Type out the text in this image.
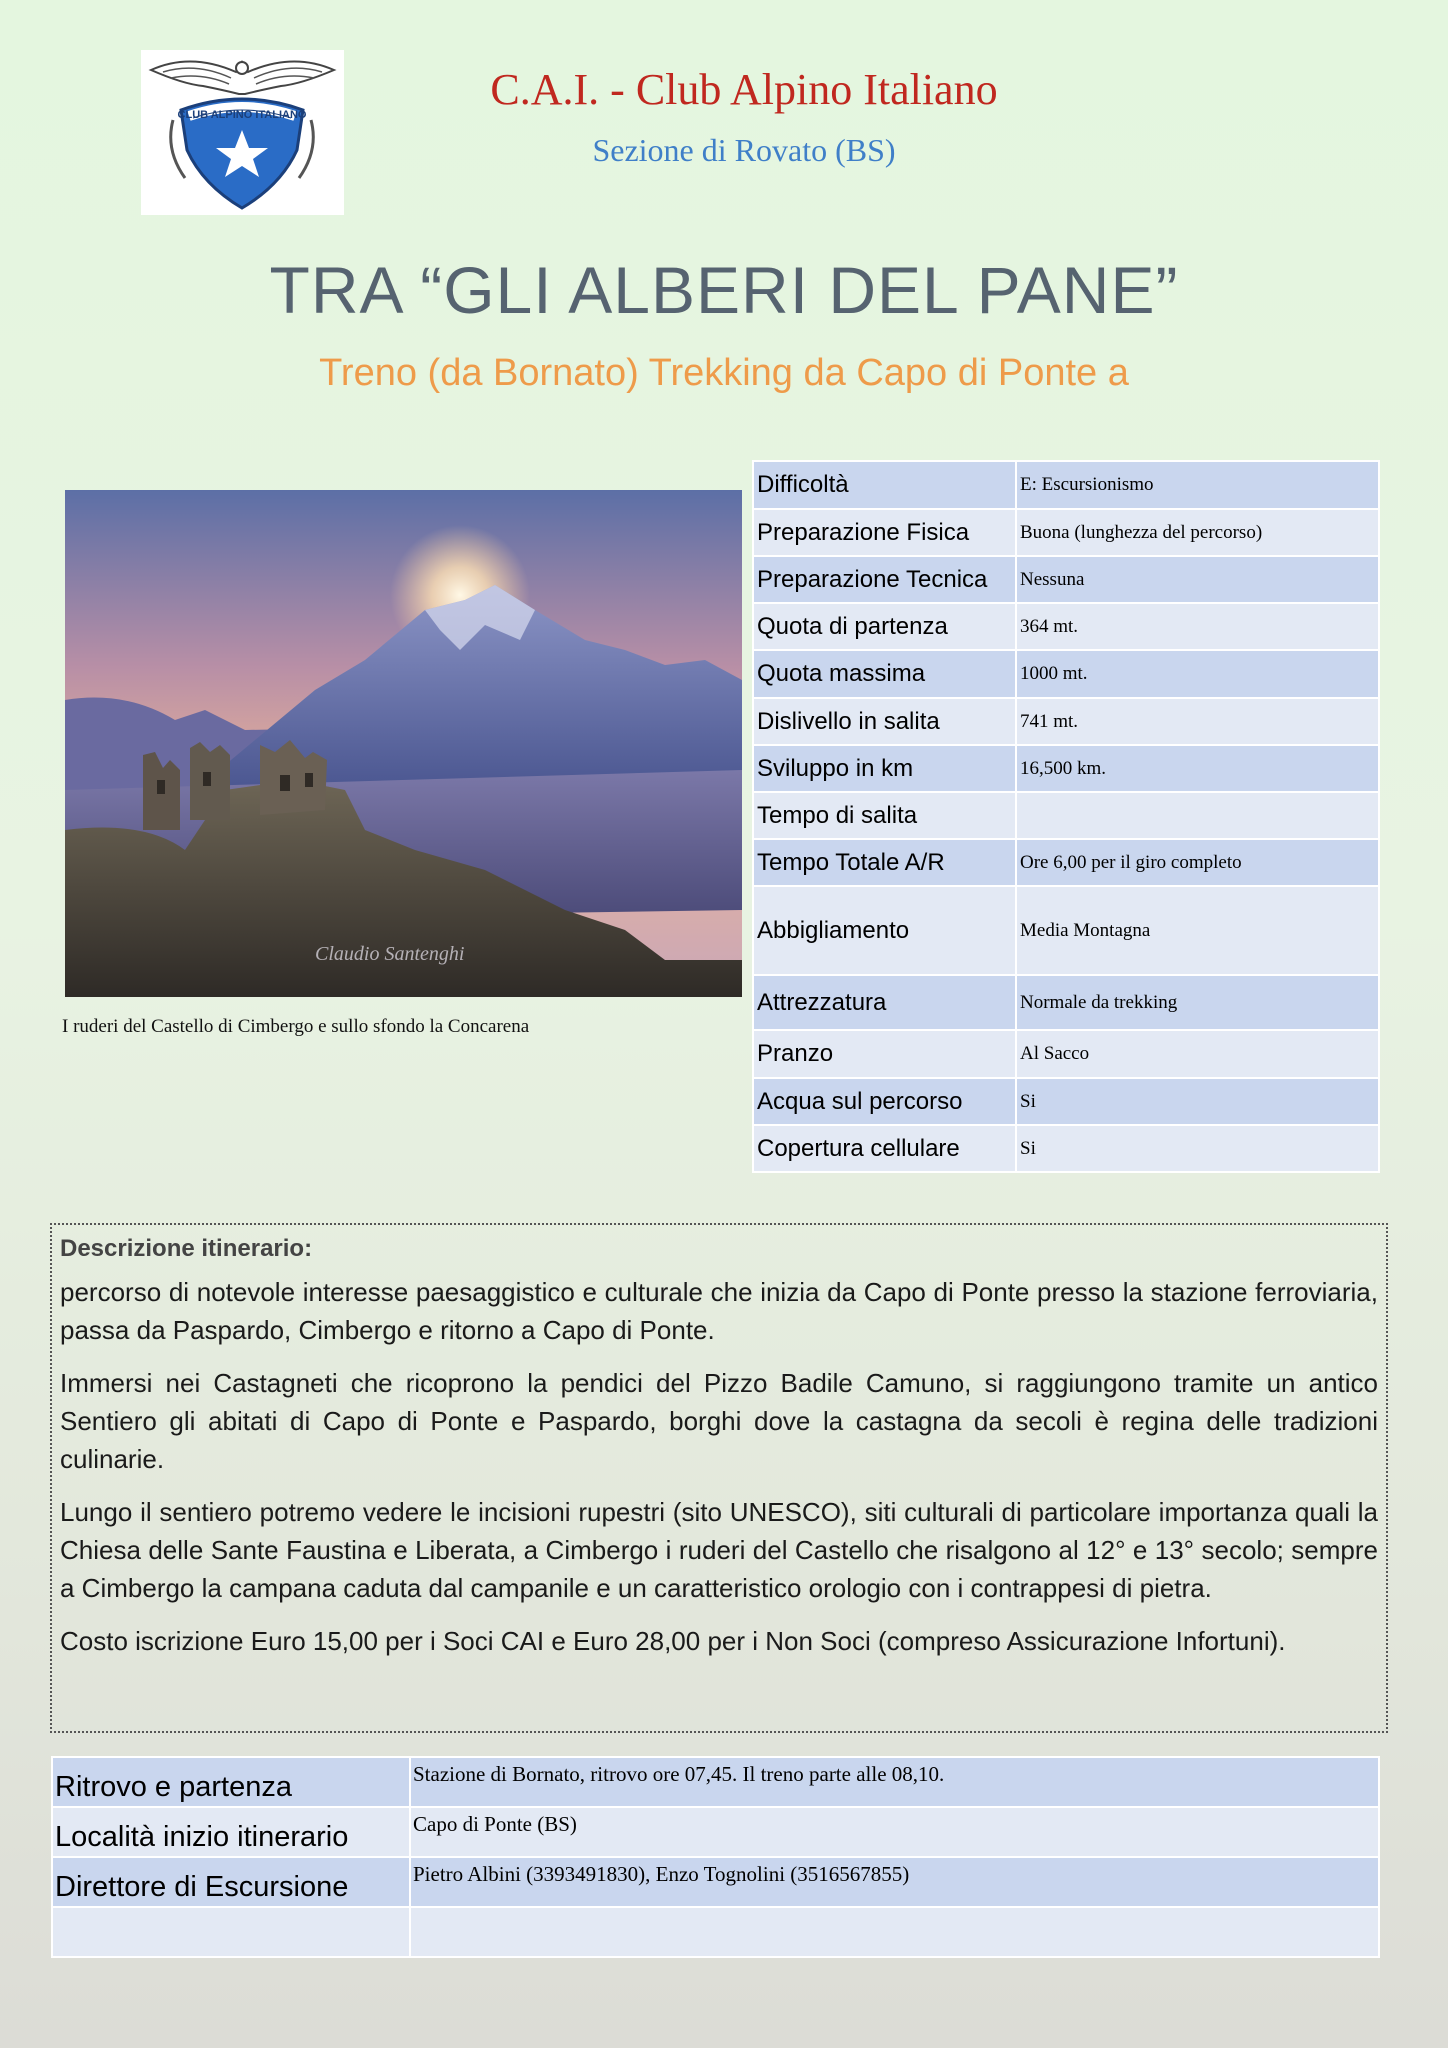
CLUB ALPINO ITALIANO
C.A.I. - Club Alpino Italiano
Sezione di Rovato (BS)
TRA “GLI ALBERI DEL PANE”
Treno (da Bornato) Trekking da Capo di Ponte a
Claudio Santenghi
I ruderi del Castello di Cimbergo e sullo sfondo la Concarena
Difficoltà	E: Escursionismo
Preparazione Fisica	Buona (lunghezza del percorso)
Preparazione Tecnica	Nessuna
Quota di partenza	364 mt.
Quota massima	1000 mt.
Dislivello in salita	741 mt.
Sviluppo in km	16,500 km.
Tempo di salita	
Tempo Totale A/R	Ore 6,00 per il giro completo
Abbigliamento	Media Montagna
Attrezzatura	Normale da trekking
Pranzo	Al Sacco
Acqua sul percorso	Si
Copertura cellulare	Si
Descrizione itinerario:

percorso di notevole interesse paesaggistico e culturale che inizia da Capo di Ponte presso la stazione ferroviaria, passa da Paspardo, Cimbergo e ritorno a Capo di Ponte.

Immersi nei Castagneti che ricoprono la pendici del Pizzo Badile Camuno, si raggiungono tramite un antico Sentiero gli abitati di Capo di Ponte e Paspardo, borghi dove la castagna da secoli è regina delle tradizioni culinarie.

Lungo il sentiero potremo vedere le incisioni rupestri (sito UNESCO), siti culturali di particolare importanza quali la Chiesa delle Sante Faustina e Liberata, a Cimbergo i ruderi del Castello che risalgono al 12° e 13° secolo; sempre a Cimbergo la campana caduta dal campanile e un caratteristico orologio con i contrappesi di pietra.

Costo iscrizione Euro 15,00 per i Soci CAI e Euro 28,00 per i Non Soci (compreso Assicurazione Infortuni).

Ritrovo e partenza	Stazione di Bornato, ritrovo ore 07,45. Il treno parte alle 08,10.
Località inizio itinerario	Capo di Ponte (BS)
Direttore di Escursione	Pietro Albini (3393491830), Enzo Tognolini (3516567855)
